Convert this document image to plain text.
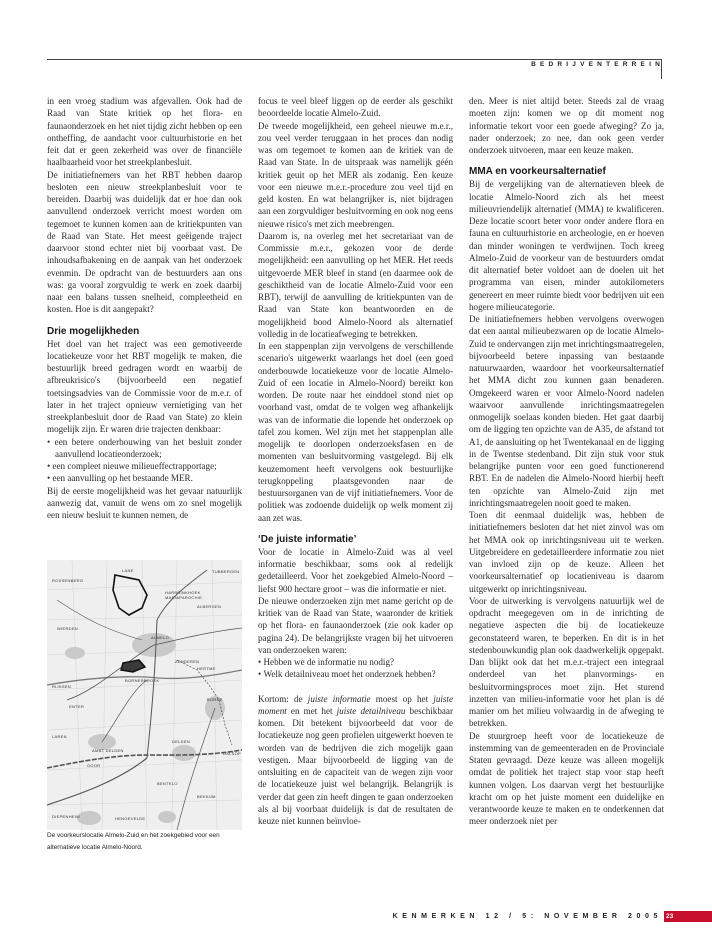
BEDRIJVENTERREIN

in een vroeg stadium was afgevallen. Ook had de Raad van State kritiek op het flora- en faunaonderzoek en het niet tijdig zicht hebben op een ontheffing, de aandacht voor cultuurhistorie en het feit dat er geen zekerheid was over de financiële haalbaarheid voor het streekplanbesluit.

De initiatiefnemers van het RBT hebben daarop besloten een nieuw streekplanbesluit voor te bereiden. Daarbij was duidelijk dat er hoe dan ook aanvullend onderzoek verricht moest worden om tegemoet te kunnen komen aan de kritiekpunten van de Raad van State. Het meest geëigende traject daarvoor stond echter niet bij voorbaat vast. De inhoudsafbakening en de aanpak van het onderzoek evenmin. De opdracht van de bestuurders aan ons was: ga vooral zorgvuldig te werk en zoek daarbij naar een balans tussen snelheid, compleetheid en kosten. Hoe is dit aangepakt?

Drie mogelijkheden

Het doel van het traject was een gemotiveerde locatiekeuze voor het RBT mogelijk te maken, die bestuurlijk breed gedragen wordt en waarbij de afbreukrisico's (bijvoorbeeld een negatief toetsingsadvies van de Commissie voor de m.e.r. of later in het traject opnieuw vernietiging van het streekplanbesluit door de Raad van State) zo klein mogelijk zijn. Er waren drie trajecten denkbaar:

• een betere onderbouwing van het besluit zonder aanvullend locatieonderzoek;
• een compleet nieuwe milieueffectrapportage;
• een aanvulling op het bestaande MER.

Bij de eerste mogelijkheid was het gevaar natuurlijk aanwezig dat, vanuit de wens om zo snel mogelijk een nieuw besluit te kunnen nemen, de

ROSSENBERG
LANE	TUBBERGEN
HARBRINKHOEK
MARIAPAROCHIE
ALBERGEN
ALMELO
WIERDEN
ZENDEREN
HERTME
BORNERBROEK
BORNE
RIJSSEN
ENTER
AMBT DELDEN
DELDEN
GOOR
BENTELO
BEKKUM
DIEPENHEIM	HENGEVELDE
LAREN
DALSOP
De voorkeurslocatie Almelo-Zuid en het zoekgebied voor een alternatieve locatie Almelo-Noord.

focus te veel bleef liggen op de eerder als geschikt beoordeelde locatie Almelo-Zuid.

De tweede mogelijkheid, een geheel nieuwe m.e.r., zou veel verder teruggaan in het proces dan nodig was om tegemoet te komen aan de kritiek van de Raad van State. In de uitspraak was namelijk géén kritiek geuit op het MER als zodanig. Een keuze voor een nieuwe m.e.r.-procedure zou veel tijd en geld kosten. En wat belangrijker is, niet bijdragen aan een zorgvuldiger besluitvorming en ook nog eens nieuwe risico's met zich meebrengen.

Daarom is, na overleg met het secretariaat van de Commissie m.e.r., gekozen voor de derde mogelijkheid: een aanvulling op het MER. Het reeds uitgevoerde MER bleef in stand (en daarmee ook de geschiktheid van de locatie Almelo-Zuid voor een RBT), terwijl de aanvulling de kritiekpunten van de Raad van State kon beantwoorden en de mogelijkheid bood Almelo-Noord als alternatief volledig in de locatieafweging te betrekken.

In een stappenplan zijn vervolgens de verschillende scenario's uitgewerkt waarlangs het doel (een goed onderbouwde locatiekeuze voor de locatie Almelo-Zuid of een locatie in Almelo-Noord) bereikt kon worden. De route naar het einddoel stond niet op voorhand vast, omdat de te volgen weg afhankelijk was van de informatie die lopende het onderzoek op tafel zou komen. Wel zijn met het stappenplan alle mogelijk te doorlopen onderzoeksfasen en de momenten van besluitvorming vastgelegd. Bij elk keuzemoment heeft vervolgens ook bestuurlijke terugkoppeling plaatsgevonden naar de bestuursorganen van de vijf initiatiefnemers. Voor de politiek was zodoende duidelijk op welk moment zij aan zet was.

‘De juiste informatie’

Voor de locatie in Almelo-Zuid was al veel informatie beschikbaar, soms ook al redelijk gedetailleerd. Voor het zoekgebied Almelo-Noord – liefst 900 hectare groot – was die informatie er niet.

De nieuwe onderzoeken zijn met name gericht op de kritiek van de Raad van State, waaronder de kritiek op het flora- en faunaonderzoek (zie ook kader op pagina 24). De belangrijkste vragen bij het uitvoeren van onderzoeken waren:

• Hebben we de informatie nu nodig?
• Welk detailniveau moet het onderzoek hebben?

Kortom: de juiste informatie moest op het juiste moment en met het juiste detailniveau beschikbaar komen. Dit betekent bijvoorbeeld dat voor de locatiekeuze nog geen profielen uitgewerkt hoeven te worden van de bedrijven die zich mogelijk gaan vestigen. Maar bijvoorbeeld de ligging van de ontsluiting en de capaciteit van de wegen zijn voor de locatiekeuze juist wel belangrijk. Belangrijk is verder dat geen zin heeft dingen te gaan onderzoeken als al bij voorbaat duidelijk is dat de resultaten de keuze niet kunnen beïnvloe-

den. Meer is niet altijd beter. Steeds zal de vraag moeten zijn: komen we op dit moment nog informatie tekort voor een goede afweging? Zo ja, nader onderzoek; zo nee, dan ook geen verder onderzoek uitvoeren, maar een keuze maken.

MMA en voorkeursalternatief

Bij de vergelijking van de alternatieven bleek de locatie Almelo-Noord zich als het meest milieuvriendelijk alternatief (MMA) te kwalificeren. Deze locatie scoort beter voor onder andere flora en fauna en cultuurhistorie en archeologie, en er hoeven dan minder woningen te verdwijnen. Toch kreeg Almelo-Zuid de voorkeur van de bestuurders omdat dit alternatief beter voldoet aan de doelen uit het programma van eisen, minder autokilometers genereert en meer ruimte biedt voor bedrijven uit een hogere milieucategorie.

De initiatiefnemers hebben vervolgens overwogen dat een aantal milieubezwaren op de locatie Almelo-Zuid te ondervangen zijn met inrichtingsmaatregelen, bijvoorbeeld betere inpassing van bestaande natuurwaarden, waardoor het voorkeursalternatief het MMA dicht zou kunnen gaan benaderen. Omgekeerd waren er voor Almelo-Noord nadelen waarvoor aanvullende inrichtingsmaatregelen onmogelijk soelaas konden bieden. Het gaat daarbij om de ligging ten opzichte van de A35, de afstand tot A1, de aansluiting op het Twentekanaal en de ligging in de Twentse stedenband. Dit zijn stuk voor stuk belangrijke punten voor een goed functionerend RBT. En de nadelen die Almelo-Noord hierbij heeft ten opzichte van Almelo-Zuid zijn met inrichtingsmaatregelen nooit goed te maken.

Toen dit eenmaal duidelijk was, hebben de initiatiefnemers besloten dat het niet zinvol was om het MMA ook op inrichtingsniveau uit te werken. Uitgebreidere en gedetailleerdere informatie zou niet van invloed zijn op de keuze. Alleen het voorkeursalternatief op locatieniveau is daarom uitgewerkt op inrichtingsniveau.

Voor de uitwerking is vervolgens natuurlijk wel de opdracht meegegeven om in de inrichting de negatieve aspecten die bij de locatiekeuze geconstateerd waren, te beperken. En dit is in het stedenbouwkundig plan ook daadwerkelijk opgepakt. Dan blijkt ook dat het m.e.r.-traject een integraal onderdeel van het planvormings- en besluitvormingsproces moet zijn. Het sturend inzetten van milieu-informatie voor het plan is dé manier om het milieu volwaardig in de afweging te betrekken.

De stuurgroep heeft voor de locatiekeuze de instemming van de gemeenteraden en de Provinciale Staten gevraagd. Deze keuze was alleen mogelijk omdat de politiek het traject stap voor stap heeft kunnen volgen. Los daarvan vergt het bestuurlijke kracht om op het juiste moment een duidelijke en verantwoorde keuze te maken en te onderkennen dat meer onderzoek niet per

KENMERKEN 12 / 5: NOVEMBER 2005 23
